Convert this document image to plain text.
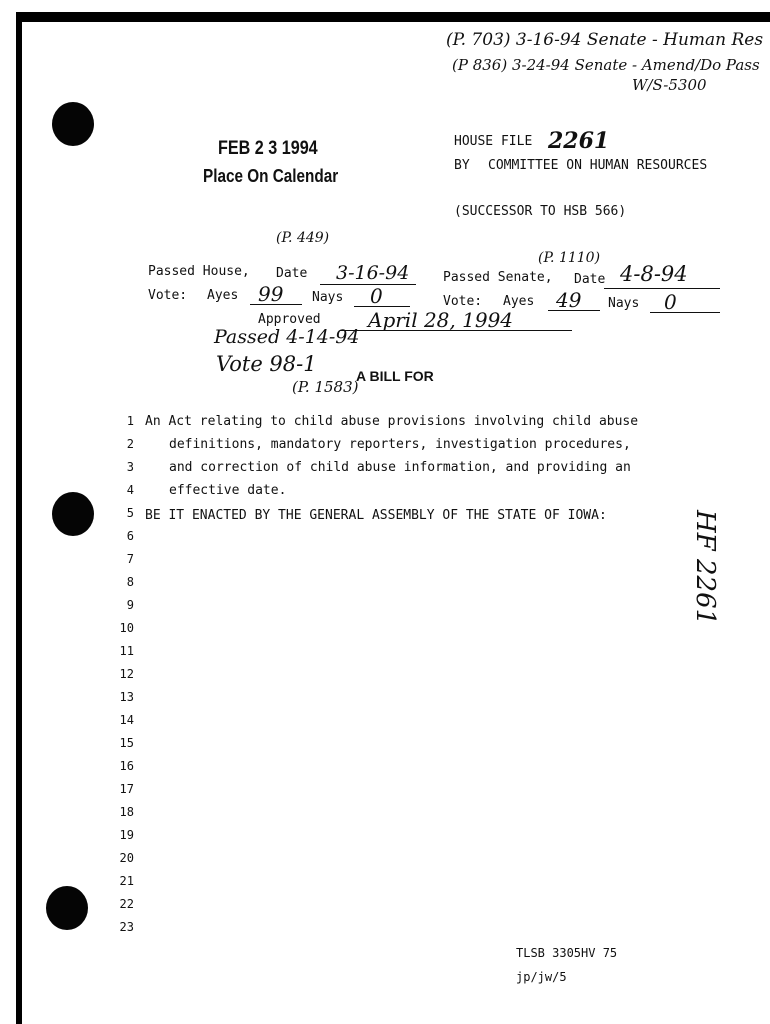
(P. 703) 3-16-94 Senate - Human Res
(P 836) 3-24-94 Senate - Amend/Do Pass
W/S-5300
FEB 2 3 1994
Place On Calendar
HOUSE FILE 2261
BY COMMITTEE ON HUMAN RESOURCES
(SUCCESSOR TO HSB 566)
(P. 449)
Passed House, Date 3-16-94
Vote: Ayes 99 Nays 0
(P. 1110)
Passed Senate, Date 4-8-94
Vote: Ayes 49 Nays 0
Approved April 28, 1994
Passed 4-14-94
Vote 98-1
(P. 1583)
A BILL FOR
1
2
3
4
5
6
7
8
9
10
11
12
13
14
15
16
17
18
19
20
21
22
23
An Act relating to child abuse provisions involving child abuse
definitions, mandatory reporters, investigation procedures,
and correction of child abuse information, and providing an
effective date.
BE IT ENACTED BY THE GENERAL ASSEMBLY OF THE STATE OF IOWA:	HF 2261
TLSB 3305HV 75
jp/jw/5
